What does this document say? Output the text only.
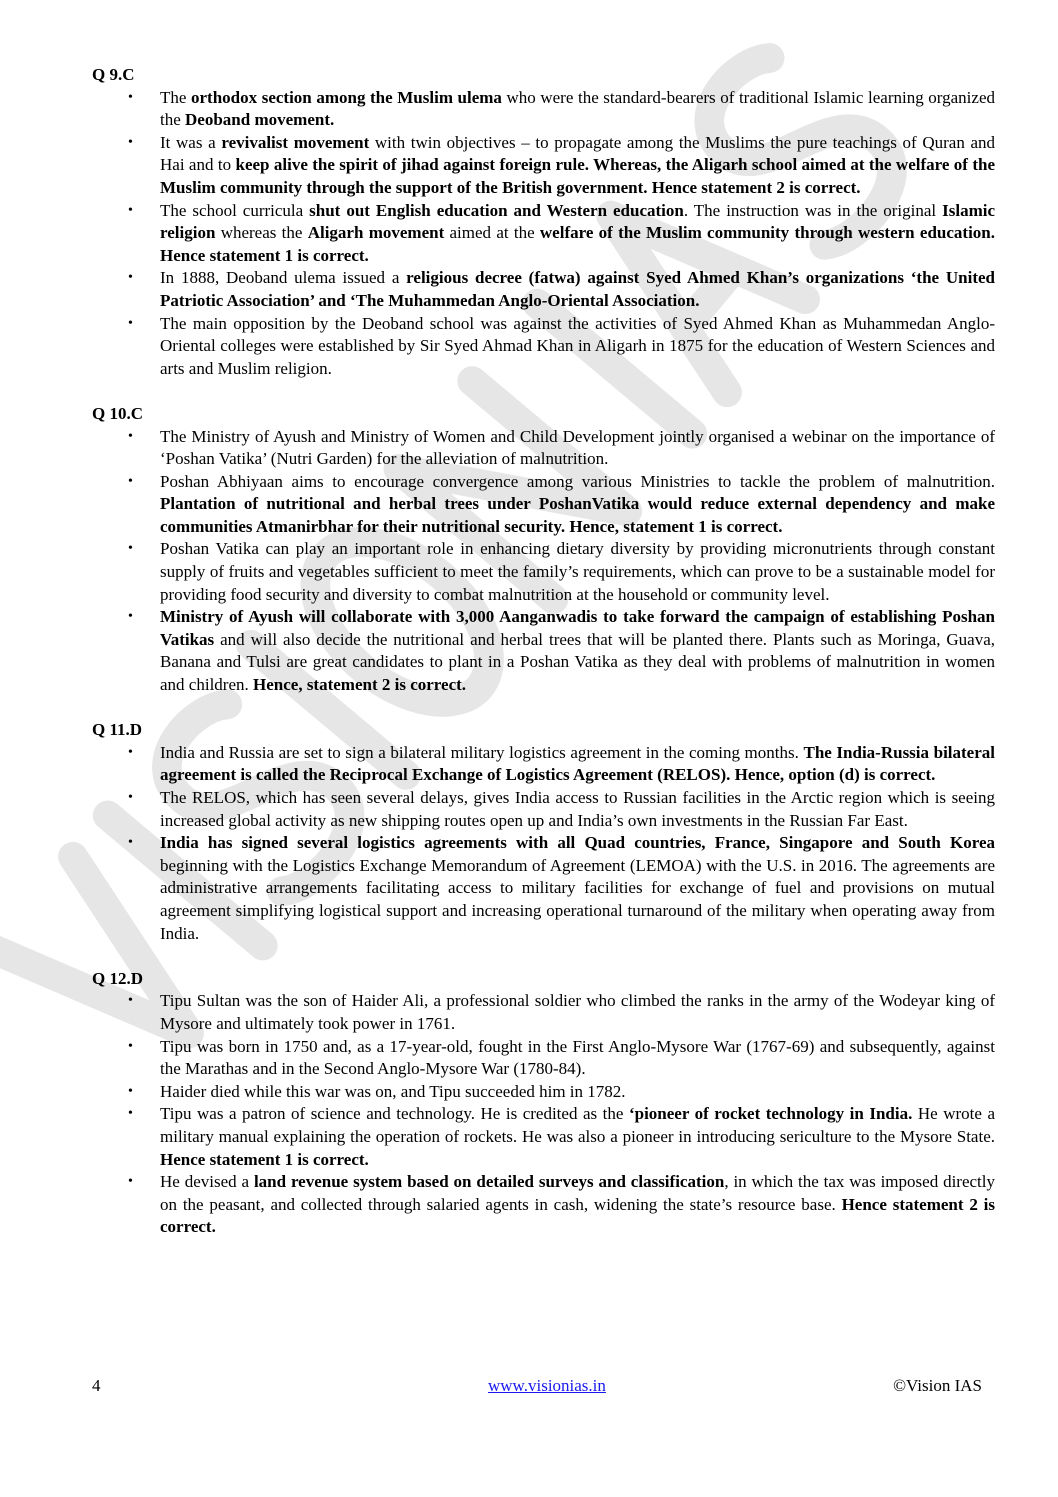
Q 9.C

• The orthodox section among the Muslim ulema who were the standard-bearers of traditional Islamic learning organized the Deoband movement.
• It was a revivalist movement with twin objectives – to propagate among the Muslims the pure teachings of Quran and Hai and to keep alive the spirit of jihad against foreign rule. Whereas, the Aligarh school aimed at the welfare of the Muslim community through the support of the British government. Hence statement 2 is correct.
• The school curricula shut out English education and Western education. The instruction was in the original Islamic religion whereas the Aligarh movement aimed at the welfare of the Muslim community through western education. Hence statement 1 is correct.
• In 1888, Deoband ulema issued a religious decree (fatwa) against Syed Ahmed Khan’s organizations ‘the United Patriotic Association’ and ‘The Muhammedan Anglo-Oriental Association.
• The main opposition by the Deoband school was against the activities of Syed Ahmed Khan as Muhammedan Anglo-Oriental colleges were established by Sir Syed Ahmad Khan in Aligarh in 1875 for the education of Western Sciences and arts and Muslim religion.

Q 10.C

• The Ministry of Ayush and Ministry of Women and Child Development jointly organised a webinar on the importance of ‘Poshan Vatika’ (Nutri Garden) for the alleviation of malnutrition.
• Poshan Abhiyaan aims to encourage convergence among various Ministries to tackle the problem of malnutrition. Plantation of nutritional and herbal trees under PoshanVatika would reduce external dependency and make communities Atmanirbhar for their nutritional security. Hence, statement 1 is correct.
• Poshan Vatika can play an important role in enhancing dietary diversity by providing micronutrients through constant supply of fruits and vegetables sufficient to meet the family’s requirements, which can prove to be a sustainable model for providing food security and diversity to combat malnutrition at the household or community level.
• Ministry of Ayush will collaborate with 3,000 Aanganwadis to take forward the campaign of establishing Poshan Vatikas and will also decide the nutritional and herbal trees that will be planted there. Plants such as Moringa, Guava, Banana and Tulsi are great candidates to plant in a Poshan Vatika as they deal with problems of malnutrition in women and children. Hence, statement 2 is correct.

Q 11.D

• India and Russia are set to sign a bilateral military logistics agreement in the coming months. The India-Russia bilateral agreement is called the Reciprocal Exchange of Logistics Agreement (RELOS). Hence, option (d) is correct.
• The RELOS, which has seen several delays, gives India access to Russian facilities in the Arctic region which is seeing increased global activity as new shipping routes open up and India’s own investments in the Russian Far East.
• India has signed several logistics agreements with all Quad countries, France, Singapore and South Korea beginning with the Logistics Exchange Memorandum of Agreement (LEMOA) with the U.S. in 2016. The agreements are administrative arrangements facilitating access to military facilities for exchange of fuel and provisions on mutual agreement simplifying logistical support and increasing operational turnaround of the military when operating away from India.

Q 12.D

• Tipu Sultan was the son of Haider Ali, a professional soldier who climbed the ranks in the army of the Wodeyar king of Mysore and ultimately took power in 1761.
• Tipu was born in 1750 and, as a 17-year-old, fought in the First Anglo-Mysore War (1767-69) and subsequently, against the Marathas and in the Second Anglo-Mysore War (1780-84).
• Haider died while this war was on, and Tipu succeeded him in 1782.
• Tipu was a patron of science and technology. He is credited as the ‘pioneer of rocket technology in India. He wrote a military manual explaining the operation of rockets. He was also a pioneer in introducing sericulture to the Mysore State. Hence statement 1 is correct.
• He devised a land revenue system based on detailed surveys and classification, in which the tax was imposed directly on the peasant, and collected through salaried agents in cash, widening the state’s resource base. Hence statement 2 is correct.
4	www.visionias.in	©Vision IAS
